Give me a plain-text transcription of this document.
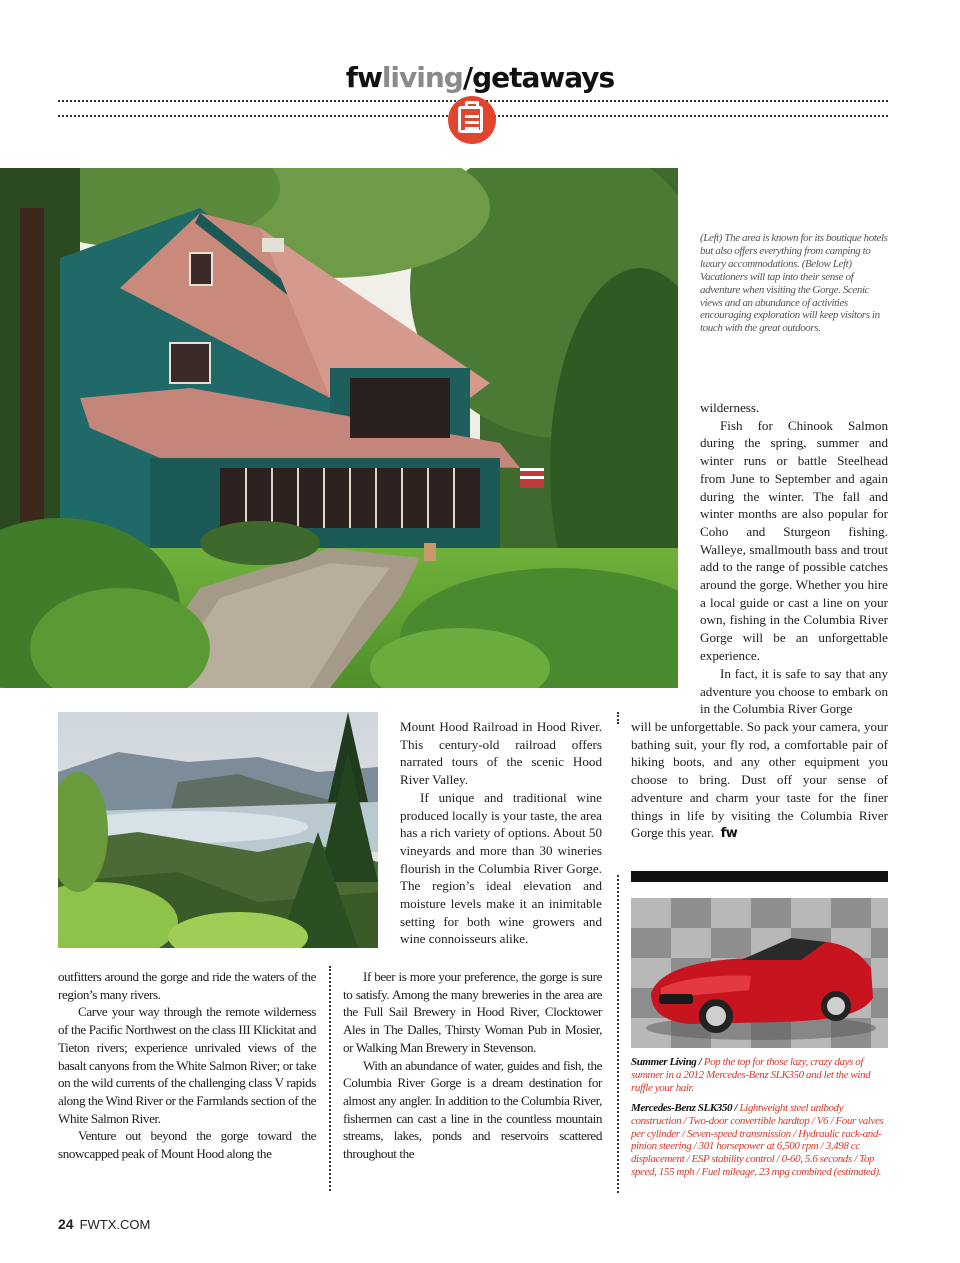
fwliving/getaways
(Left) The area is known for its boutique hotels but also offers everything from camping to luxury accommodations. (Below Left) Vacationers will tap into their sense of adventure when visiting the Gorge. Scenic views and an abundance of activities encouraging exploration will keep visitors in touch with the great outdoors.

wilderness.

Fish for Chinook Salmon during the spring, summer and winter runs or battle Steelhead from June to September and again during the winter. The fall and winter months are also popular for Coho and Sturgeon fishing. Walleye, smallmouth bass and trout add to the range of possible catches around the gorge. Whether you hire a local guide or cast a line on your own, fishing in the Columbia River Gorge will be an unforgettable experience.

In fact, it is safe to say that any adventure you choose to embark on in the Columbia River Gorge

will be unforgettable. So pack your camera, your bathing suit, your fly rod, a comfortable pair of hiking boots, and any other equipment you choose to bring. Dust off your sense of adventure and charm your taste for the finer things in life by visiting the Columbia River Gorge this year. fw

Mount Hood Railroad in Hood River. This century-old railroad offers narrated tours of the scenic Hood River Valley.

If unique and traditional wine produced locally is your taste, the area has a rich variety of options. About 50 vineyards and more than 30 wineries flourish in the Columbia River Gorge. The region’s ideal elevation and moisture levels make it an inimitable setting for both wine growers and wine connoisseurs alike.

If beer is more your preference, the gorge is sure to satisfy. Among the many breweries in the area are the Full Sail Brewery in Hood River, Clocktower Ales in The Dalles, Thirsty Woman Pub in Mosier, or Walking Man Brewery in Stevenson.

With an abundance of water, guides and fish, the Columbia River Gorge is a dream destination for almost any angler. In addition to the Columbia River, fishermen can cast a line in the countless mountain streams, lakes, ponds and reservoirs scattered throughout the

outfitters around the gorge and ride the waters of the region’s many rivers.

Carve your way through the remote wilderness of the Pacific Northwest on the class III Klickitat and Tieton rivers; experience unrivaled views of the basalt canyons from the White Salmon River; or take on the wild currents of the challenging class V rapids along the Wind River or the Farmlands section of the White Salmon River.

Venture out beyond the gorge toward the snowcapped peak of Mount Hood along the

Summer Living / Pop the top for those lazy, crazy days of summer in a 2012 Mercedes-Benz SLK350 and let the wind ruffle your hair.

Mercedes-Benz SLK350 / Lightweight steel unibody construction / Two-door convertible hardtop / V6 / Four valves per cylinder / Seven-speed transmission / Hydraulic rack-and-pinion steering / 301 horsepower at 6,500 rpm / 3,498 cc displacement / ESP stability control / 0-60, 5.6 seconds / Top speed, 155 mph / Fuel mileage, 23 mpg combined (estimated).

24 FWTX.COM
